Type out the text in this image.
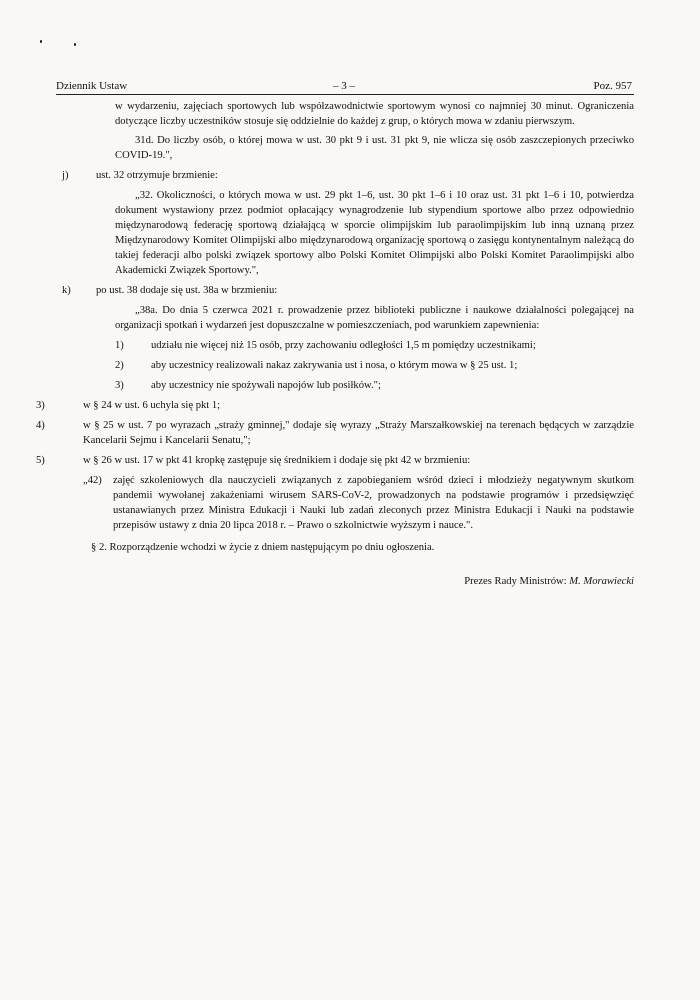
Dziennik Ustaw	– 3 –	Poz. 957

w wydarzeniu, zajęciach sportowych lub współzawodnictwie sportowym wynosi co najmniej 30 minut. Ograniczenia dotyczące liczby uczestników stosuje się oddzielnie do każdej z grup, o których mowa w zdaniu pierwszym.

31d. Do liczby osób, o której mowa w ust. 30 pkt 9 i ust. 31 pkt 9, nie wlicza się osób zaszczepionych przeciwko COVID-19.",

j)	ust. 32 otrzymuje brzmienie:

„32. Okoliczności, o których mowa w ust. 29 pkt 1–6, ust. 30 pkt 1–6 i 10 oraz ust. 31 pkt 1–6 i 10, potwierdza dokument wystawiony przez podmiot opłacający wynagrodzenie lub stypendium sportowe albo przez odpowiednio międzynarodową federację sportową działającą w sporcie olimpijskim lub paraolimpijskim lub inną uznaną przez Międzynarodowy Komitet Olimpijski albo międzynarodową organizację sportową o zasięgu kontynentalnym należącą do takiej federacji albo polski związek sportowy albo Polski Komitet Olimpijski albo Polski Komitet Paraolimpijski albo Akademicki Związek Sportowy.",

k) po ust. 38 dodaje się ust. 38a w brzmieniu:

„38a. Do dnia 5 czerwca 2021 r. prowadzenie przez biblioteki publiczne i naukowe działalności polegającej na organizacji spotkań i wydarzeń jest dopuszczalne w pomieszczeniach, pod warunkiem zapewnienia:

1)	udziału nie więcej niż 15 osób, przy zachowaniu odległości 1,5 m pomiędzy uczestnikami;

2)	aby uczestnicy realizowali nakaz zakrywania ust i nosa, o którym mowa w § 25 ust. 1;

3)	aby uczestnicy nie spożywali napojów lub posiłków.";

3)	w § 24 w ust. 6 uchyla się pkt 1;

4)	w § 25 w ust. 7 po wyrazach „straży gminnej," dodaje się wyrazy „Straży Marszałkowskiej na terenach będących w zarządzie Kancelarii Sejmu i Kancelarii Senatu,";

5)	w § 26 w ust. 17 w pkt 41 kropkę zastępuje się średnikiem i dodaje się pkt 42 w brzmieniu:

„42) zajęć szkoleniowych dla nauczycieli związanych z zapobieganiem wśród dzieci i młodzieży negatywnym skutkom pandemii wywołanej zakażeniami wirusem SARS-CoV-2, prowadzonych na podstawie programów i przedsięwzięć ustanawianych przez Ministra Edukacji i Nauki lub zadań zleconych przez Ministra Edukacji i Nauki na podstawie przepisów ustawy z dnia 20 lipca 2018 r. – Prawo o szkolnictwie wyższym i nauce.".

§ 2. Rozporządzenie wchodzi w życie z dniem następującym po dniu ogłoszenia.

Prezes Rady Ministrów: M. Morawiecki
